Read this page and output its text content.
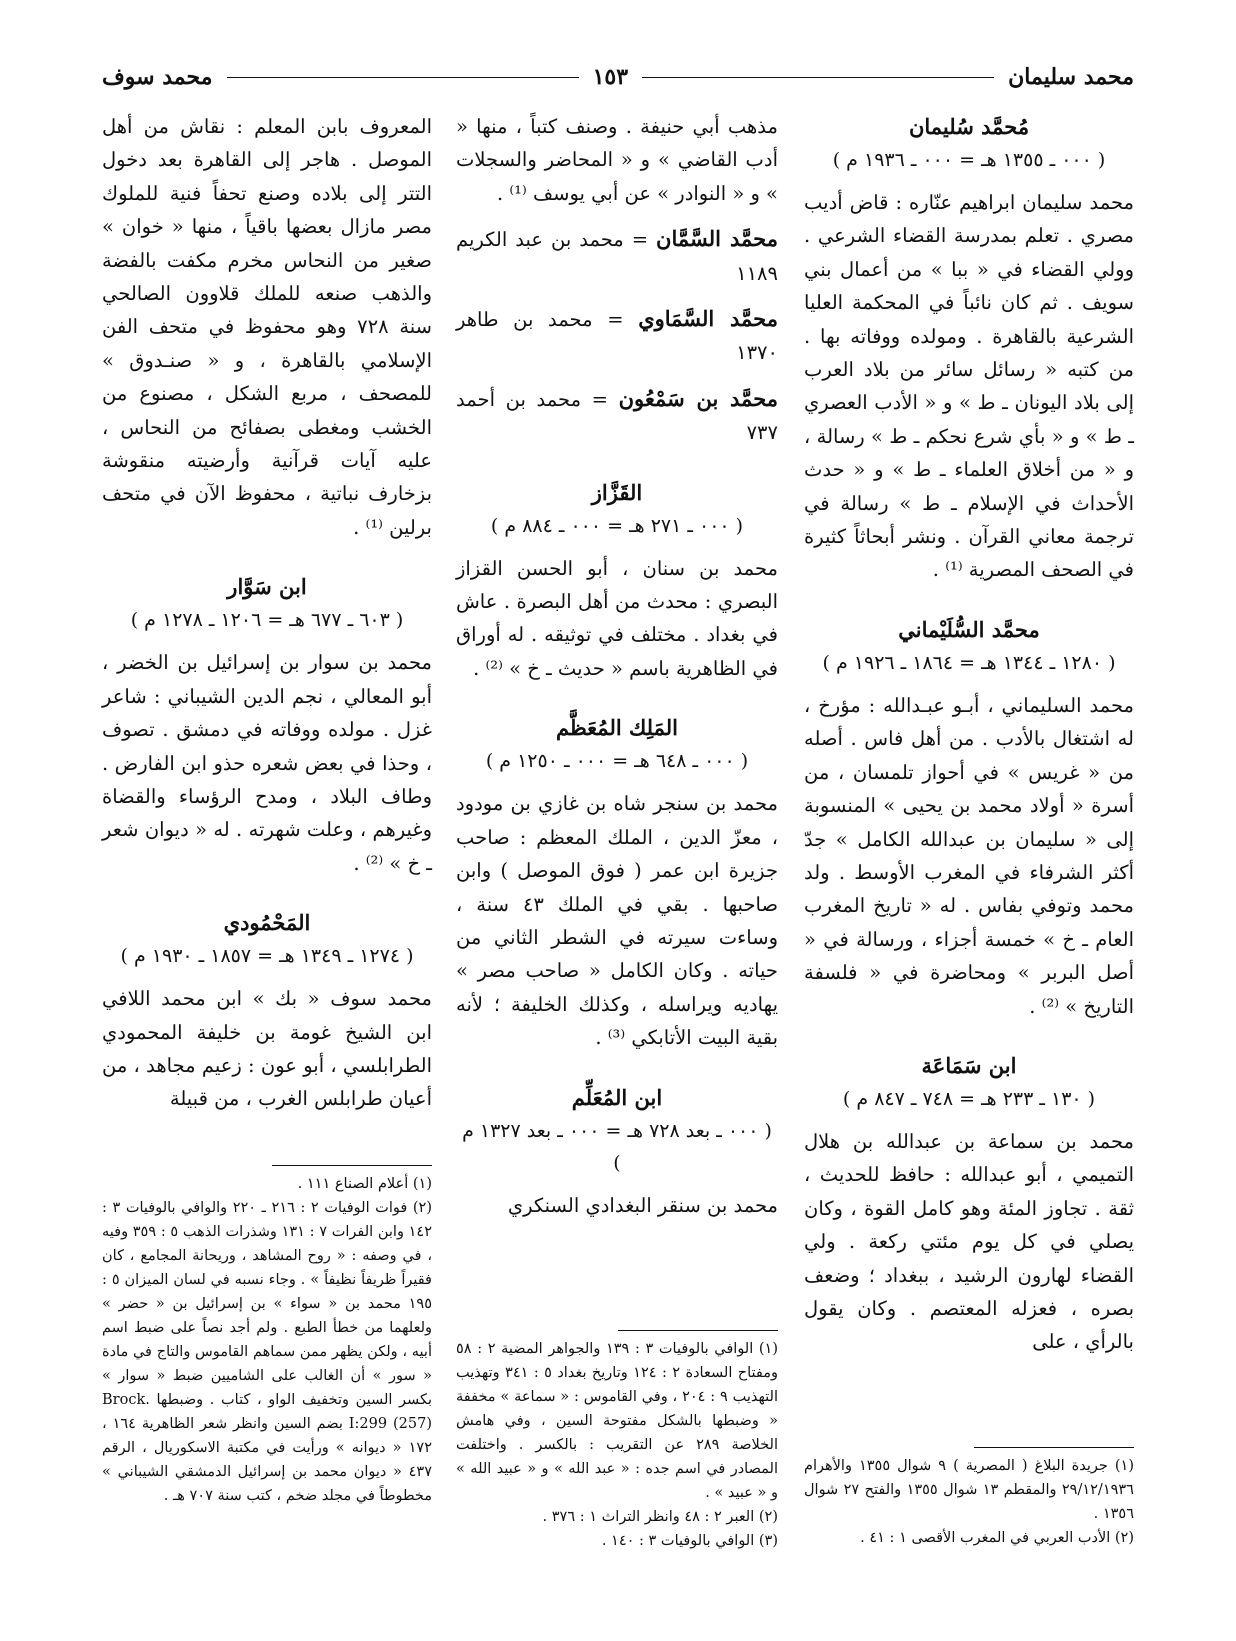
محمد سليمان
١٥٣
محمد سوف
مُحمَّد سُليمان
( ٠٠٠ ـ ١٣٥٥ هـ = ٠٠٠ ـ ١٩٣٦ م )

محمد سليمان ابراهيم عنّاره : قاض أديب مصري . تعلم بمدرسة القضاء الشرعي . وولي القضاء في « ببا » من أعمال بني سويف . ثم كان نائباً في المحكمة العليا الشرعية بالقاهرة . ومولده ووفاته بها . من كتبه « رسائل سائر من بلاد العرب إلى بلاد اليونان ـ ط » و « الأدب العصري ـ ط » و « بأي شرع نحكم ـ ط » رسالة ، و « من أخلاق العلماء ـ ط » و « حدث الأحداث في الإسلام ـ ط » رسالة في ترجمة معاني القرآن . ونشر أبحاثاً كثيرة في الصحف المصرية ⁽¹⁾ .

محمَّد السُّلَيْماني
( ١٢٨٠ ـ ١٣٤٤ هـ = ١٨٦٤ ـ ١٩٢٦ م )

محمد السليماني ، أبـو عبـدالله : مؤرخ ، له اشتغال بالأدب . من أهل فاس . أصله من « غريس » في أحواز تلمسان ، من أسرة « أولاد محمد بن يحيى » المنسوبة إلى « سليمان بن عبدالله الكامل » جدّ أكثر الشرفاء في المغرب الأوسط . ولد محمد وتوفي بفاس . له « تاريخ المغرب العام ـ خ » خمسة أجزاء ، ورسالة في « أصل البربر » ومحاضرة في « فلسفة التاريخ » ⁽²⁾ .

ابن سَمَاعَة
( ١٣٠ ـ ٢٣٣ هـ = ٧٤٨ ـ ٨٤٧ م )

محمد بن سماعة بن عبدالله بن هلال التميمي ، أبو عبدالله : حافظ للحديث ، ثقة . تجاوز المئة وهو كامل القوة ، وكان يصلي في كل يوم مئتي ركعة . ولي القضاء لهارون الرشيد ، ببغداد ؛ وضعف بصره ، فعزله المعتصم . وكان يقول بالرأي ، على

(١) جريدة البلاغ ( المصرية ) ٩ شوال ١٣٥٥ والأهرام ٢٩/١٢/١٩٣٦ والمقطم ١٣ شوال ١٣٥٥ والفتح ٢٧ شوال ١٣٥٦ .

(٢) الأدب العربي في المغرب الأقصى ١ : ٤١ .

مذهب أبي حنيفة . وصنف كتباً ، منها « أدب القاضي » و « المحاضر والسجلات » و « النوادر » عن أبي يوسف ⁽¹⁾ .

محمَّد السَّمَّان = محمد بن عبد الكريم ١١٨٩

محمَّد السَّمَاوي = محمد بن طاهر ١٣٧٠

محمَّد بن سَمْعُون = محمد بن أحمد ٧٣٧

القَزَّاز
( ٠٠٠ ـ ٢٧١ هـ = ٠٠٠ ـ ٨٨٤ م )

محمد بن سنان ، أبو الحسن القزاز البصري : محدث من أهل البصرة . عاش في بغداد . مختلف في توثيقه . له أوراق في الظاهرية باسم « حديث ـ خ » ⁽²⁾ .

المَلِك المُعَظَّم
( ٠٠٠ ـ ٦٤٨ هـ = ٠٠٠ ـ ١٢٥٠ م )

محمد بن سنجر شاه بن غازي بن مودود ، معزّ الدين ، الملك المعظم : صاحب جزيرة ابن عمر ( فوق الموصل ) وابن صاحبها . بقي في الملك ٤٣ سنة ، وساءت سيرته في الشطر الثاني من حياته . وكان الكامل « صاحب مصر » يهاديه ويراسله ، وكذلك الخليفة ؛ لأنه بقية البيت الأتابكي ⁽³⁾ .

ابن المُعَلِّم
( ٠٠٠ ـ بعد ٧٢٨ هـ = ٠٠٠ ـ بعد ١٣٢٧ م )

محمد بن سنقر البغدادي السنكري

(١) الوافي بالوفيات ٣ : ١٣٩ والجواهر المضية ٢ : ٥٨ ومفتاح السعادة ٢ : ١٢٤ وتاريخ بغداد ٥ : ٣٤١ وتهذيب التهذيب ٩ : ٢٠٤ ، وفي القاموس : « سماعة » مخففة « وضبطها بالشكل مفتوحة السين ، وفي هامش الخلاصة ٢٨٩ عن التقريب : بالكسر . واختلفت المصادر في اسم جده : « عبد الله » و « عبيد الله » و « عبيد » .

(٢) العبر ٢ : ٤٨ وانظر التراث ١ : ٣٧٦ .

(٣) الوافي بالوفيات ٣ : ١٤٠ .

المعروف بابن المعلم : نقاش من أهل الموصل . هاجر إلى القاهرة بعد دخول التتر إلى بلاده وصنع تحفاً فنية للملوك مصر مازال بعضها باقياً ، منها « خوان » صغير من النحاس مخرم مكفت بالفضة والذهب صنعه للملك قلاوون الصالحي سنة ٧٢٨ وهو محفوظ في متحف الفن الإسلامي بالقاهرة ، و « صنـدوق » للمصحف ، مربع الشكل ، مصنوع من الخشب ومغطى بصفائح من النحاس ، عليه آيات قرآنية وأرضيته منقوشة بزخارف نباتية ، محفوظ الآن في متحف برلين ⁽¹⁾ .

ابن سَوَّار
( ٦٠٣ ـ ٦٧٧ هـ = ١٢٠٦ ـ ١٢٧٨ م )

محمد بن سوار بن إسرائيل بن الخضر ، أبو المعالي ، نجم الدين الشيباني : شاعر غزل . مولده ووفاته في دمشق . تصوف ، وحذا في بعض شعره حذو ابن الفارض . وطاف البلاد ، ومدح الرؤساء والقضاة وغيرهم ، وعلت شهرته . له « ديوان شعر ـ خ » ⁽²⁾ .

المَحْمُودي
( ١٢٧٤ ـ ١٣٤٩ هـ = ١٨٥٧ ـ ١٩٣٠ م )

محمد سوف « بك » ابن محمد اللافي ابن الشيخ غومة بن خليفة المحمودي الطرابلسي ، أبو عون : زعيم مجاهد ، من أعيان طرابلس الغرب ، من قبيلة

(١) أعلام الصناع ١١١ .

(٢) فوات الوفيات ٢ : ٢١٦ ـ ٢٢٠ والوافي بالوفيات ٣ : ١٤٢ وابن الفرات ٧ : ١٣١ وشذرات الذهب ٥ : ٣٥٩ وفيه ، في وصفه : « روح المشاهد ، وريحانة المجامع ، كان فقيراً ظريفاً نظيفاً » . وجاء نسبه في لسان الميزان ٥ : ١٩٥ محمد بن « سواء » بن إسرائيل بن « حضر » ولعلهما من خطأ الطبع . ولم أجد نصاً على ضبط اسم أبيه ، ولكن يظهر ممن سماهم القاموس والتاج في مادة « سور » أن الغالب على الشاميين ضبط « سوار » بكسر السين وتخفيف الواو ، كتاب . وضبطها Brock. I:299 (257) بضم السين وانظر شعر الظاهرية ١٦٤ ، ١٧٢ « ديوانه » ورأيت في مكتبة الاسكوريال ، الرقم ٤٣٧ « ديوان محمد بن إسرائيل الدمشقي الشيباني » مخطوطاً في مجلد ضخم ، كتب سنة ٧٠٧ هـ .
